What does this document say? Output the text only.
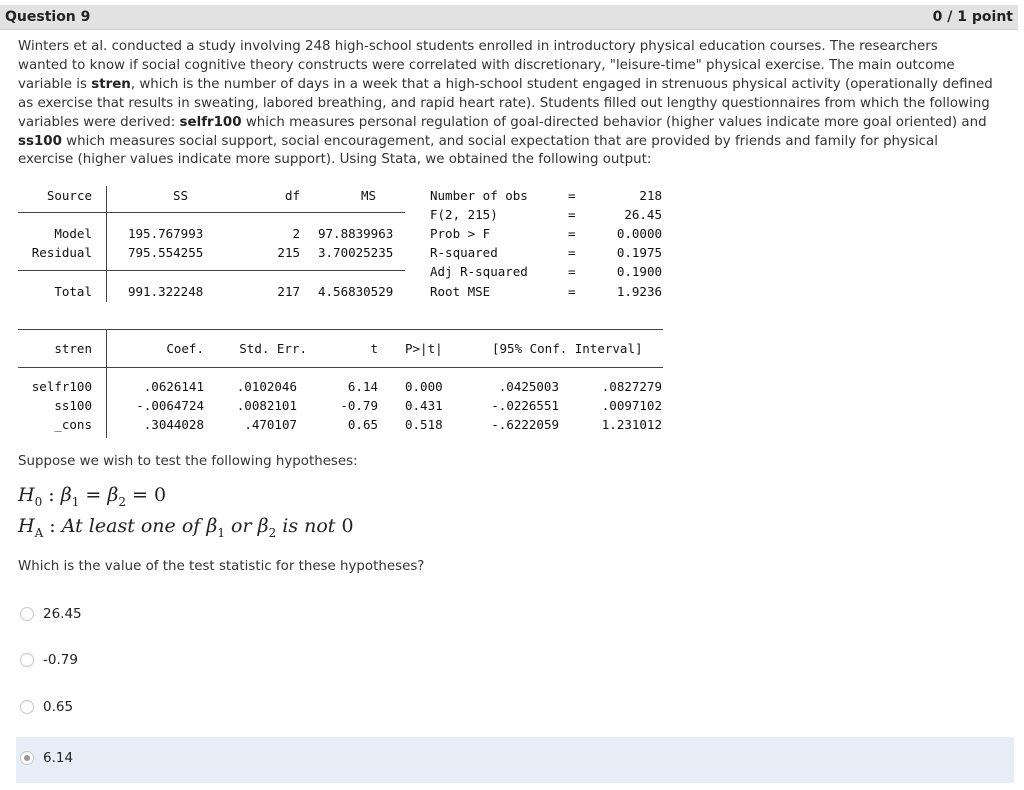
Question 9	0 / 1 point
Winters et al. conducted a study involving 248 high-school students enrolled in introductory physical education courses. The researchers
wanted to know if social cognitive theory constructs were correlated with discretionary, "leisure-time" physical exercise. The main outcome
variable is stren, which is the number of days in a week that a high-school student engaged in strenuous physical activity (operationally defined
as exercise that results in sweating, labored breathing, and rapid heart rate). Students filled out lengthy questionnaires from which the following
variables were derived: selfr100 which measures personal regulation of goal-directed behavior (higher values indicate more goal oriented) and
ss100 which measures social support, social encouragement, and social expectation that are provided by friends and family for physical
exercise (higher values indicate more support). Using Stata, we obtained the following output:
Source	SS	df	MS
Model	195.767993	2 97.8839963
Residual	795.554255	215 3.70025235
Total	991.322248	217 4.56830529
Number of obs	=	218
F(2, 215)	=	26.45
Prob > F	=	0.0000
R-squared	=	0.1975
Adj R-squared	=	0.1900
Root MSE	=	1.9236
stren	Coef.	Std. Err.	t P>|t|	[95% Conf. Interval]
selfr100	.0626141	.0102046	6.14 0.000	.0425003	.0827279
ss100	-.0064724	.0082101	-0.79 0.431	-.0226551	.0097102
_cons	.3044028	.470107	0.65 0.518	-.6222059	1.231012
Suppose we wish to test the following hypotheses:
$H_0$ : $\beta_1 = \beta_2 = 0$
$H_A$ : At least one of $\beta_1$ or $\beta_2$ is not 0
Which is the value of the test statistic for these hypotheses?
26.45
-0.79
0.65
6.14
